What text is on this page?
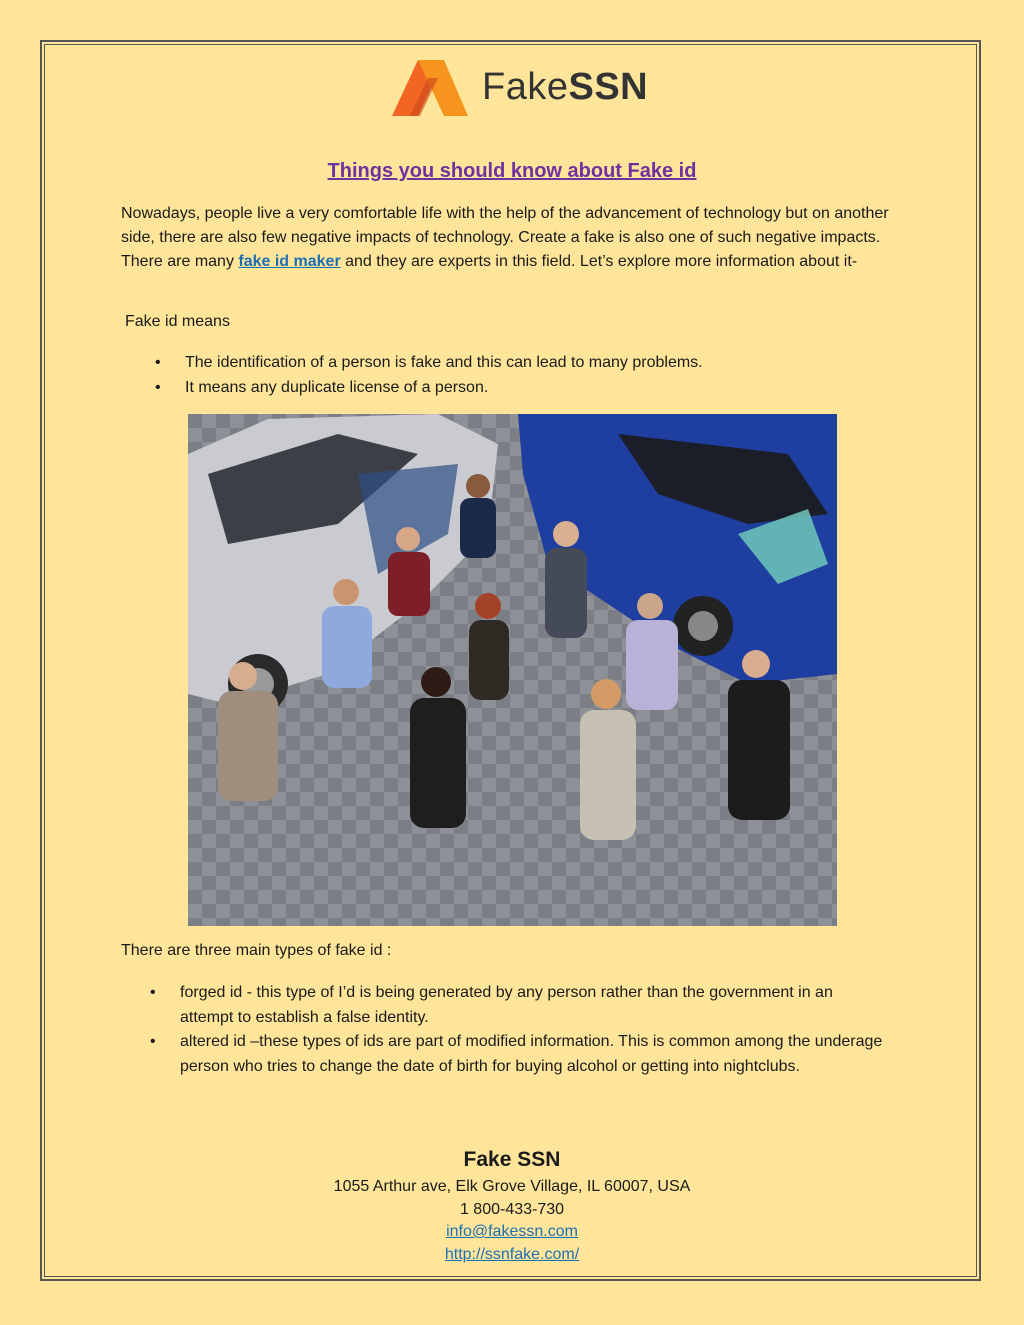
FakeSSN
Things you should know about Fake id
Nowadays, people live a very comfortable life with the help of the advancement of technology but on another side, there are also few negative impacts of technology. Create a fake is also one of such negative impacts. There are many fake id maker and they are experts in this field. Let’s explore more information about it-
Fake id means
• The identification of a person is fake and this can lead to many problems.
• It means any duplicate license of a person.
There are three main types of fake id :
• forged id - this type of I’d is being generated by any person rather than the government in an attempt to establish a false identity.
• altered id –these types of ids are part of modified information. This is common among the underage person who tries to change the date of birth for buying alcohol or getting into nightclubs.
Fake SSN
1055 Arthur ave, Elk Grove Village, IL 60007, USA
1 800-433-730
info@fakessn.com
http://ssnfake.com/
